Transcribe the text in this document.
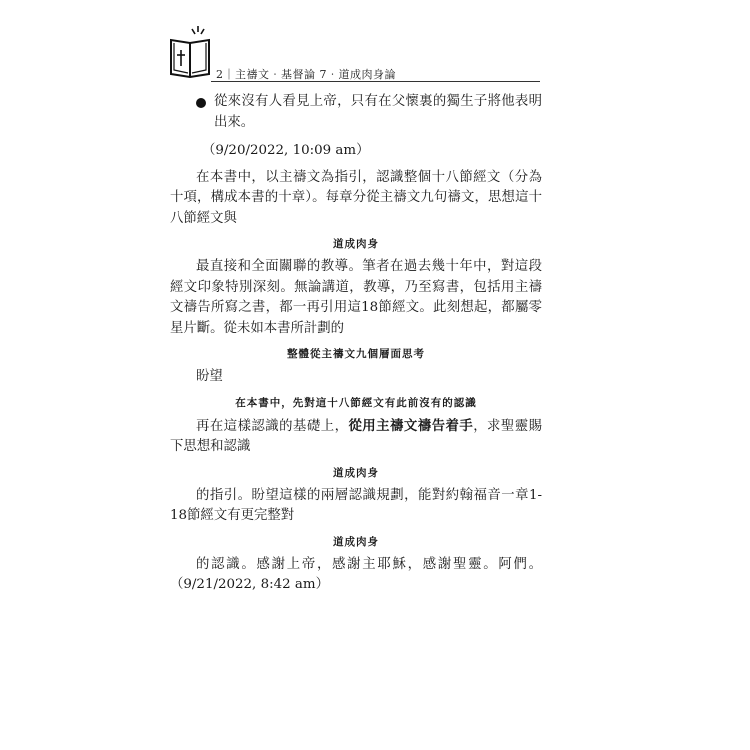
2｜主禱文‧基督論 7‧道成肉身論
從來沒有人看見上帝，只有在父懷裏的獨生子將他表明出來。
（9/20/2022, 10:09 am）

在本書中，以主禱文為指引，認識整個十八節經文（分為十項，構成本書的十章）。每章分從主禱文九句禱文，思想這十八節經文與

道成肉身

最直接和全面關聯的教導。筆者在過去幾十年中，對這段經文印象特別深刻。無論講道，教導，乃至寫書，包括用主禱文禱告所寫之書，都一再引用這18節經文。此刻想起，都屬零星片斷。從未如本書所計劃的

整體從主禱文九個層面思考

盼望

在本書中，先對這十八節經文有此前沒有的認識

再在這樣認識的基礎上，從用主禱文禱告着手，求聖靈賜下思想和認識

道成肉身

的指引。盼望這樣的兩層認識規劃，能對約翰福音一章1-18節經文有更完整對

道成肉身

的認識。感謝上帝，感謝主耶穌，感謝聖靈。阿們。（9/21/2022, 8:42 am）
